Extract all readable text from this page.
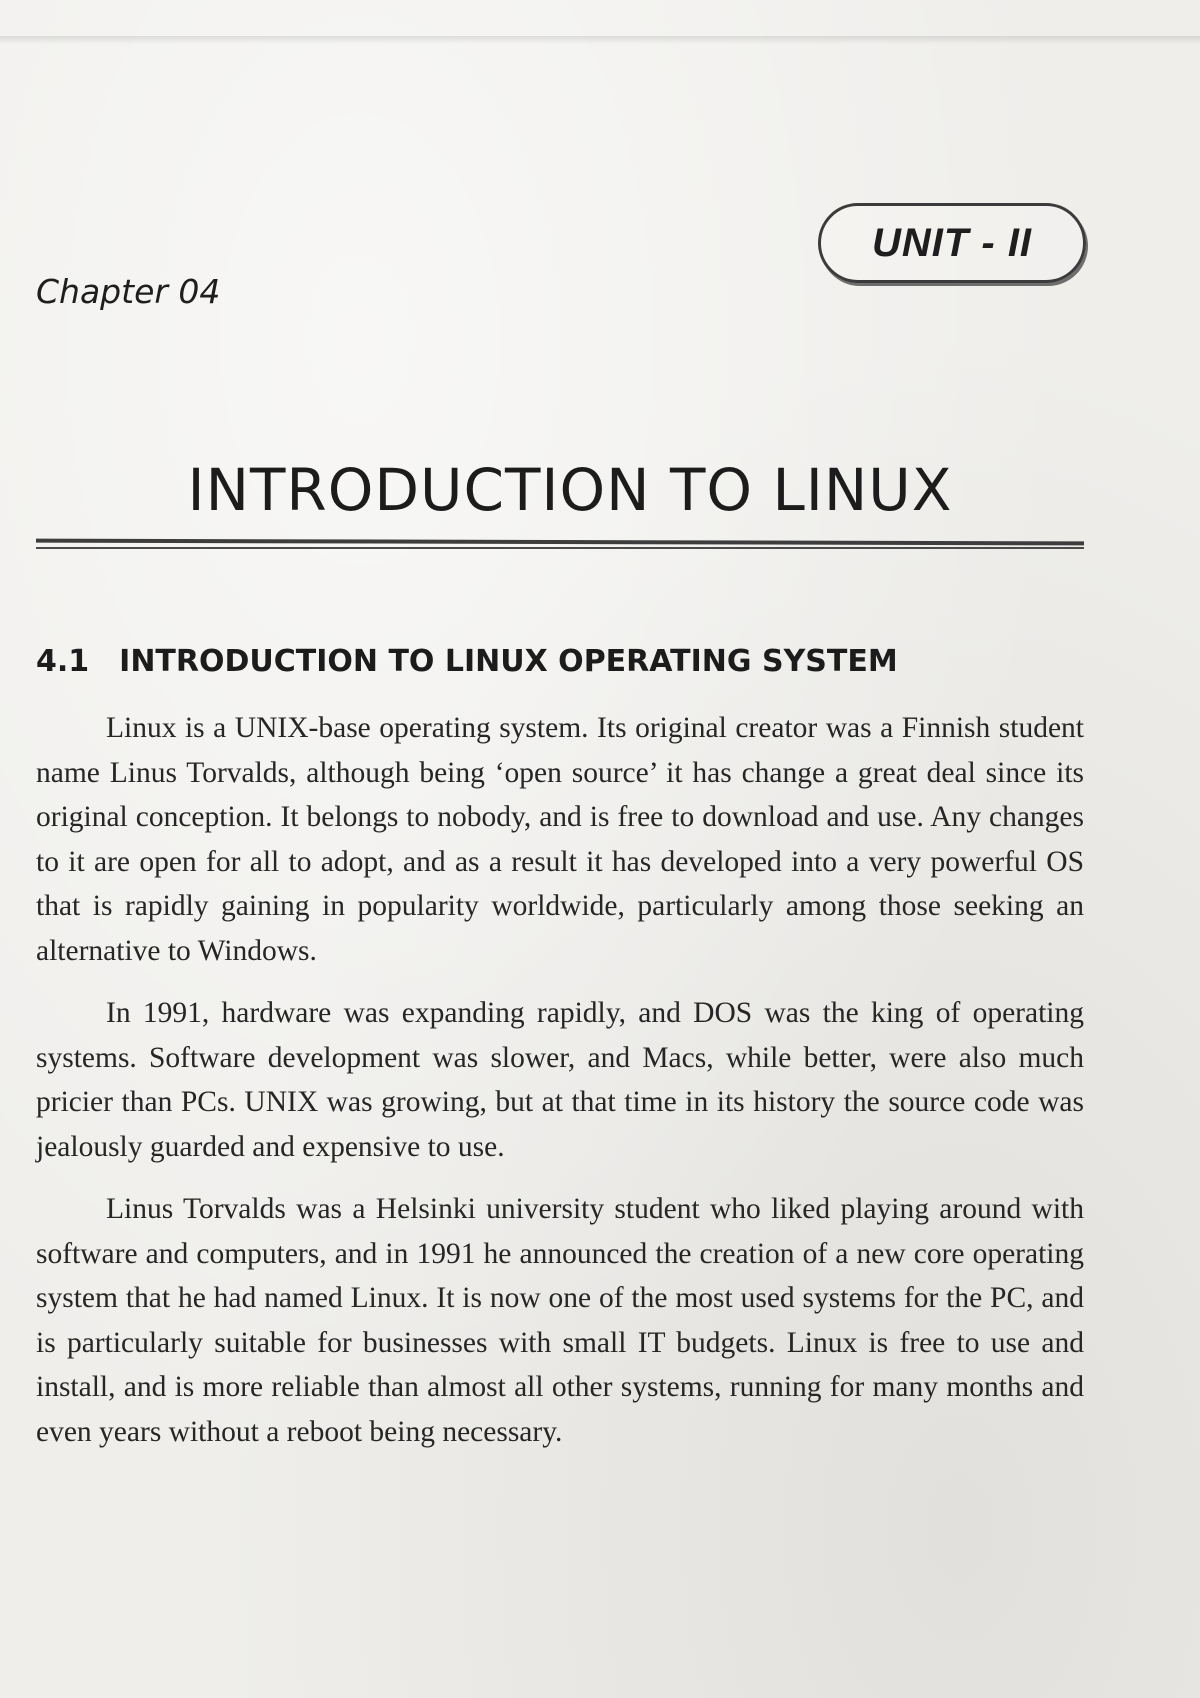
UNIT - II
Chapter 04
INTRODUCTION TO LINUX
4.1 INTRODUCTION TO LINUX OPERATING SYSTEM

Linux is a UNIX-base operating system. Its original creator was a Finnish student name Linus Torvalds, although being ‘open source’ it has change a great deal since its original conception. It belongs to nobody, and is free to download and use. Any changes to it are open for all to adopt, and as a result it has developed into a very powerful OS that is rapidly gaining in popularity worldwide, particularly among those seeking an alternative to Windows.

In 1991, hardware was expanding rapidly, and DOS was the king of operating systems. Software development was slower, and Macs, while better, were also much pricier than PCs. UNIX was growing, but at that time in its history the source code was jealously guarded and expensive to use.

Linus Torvalds was a Helsinki university student who liked playing around with software and computers, and in 1991 he announced the creation of a new core operating system that he had named Linux. It is now one of the most used systems for the PC, and is particularly suitable for businesses with small IT budgets. Linux is free to use and install, and is more reliable than almost all other systems, running for many months and even years without a reboot being necessary.
